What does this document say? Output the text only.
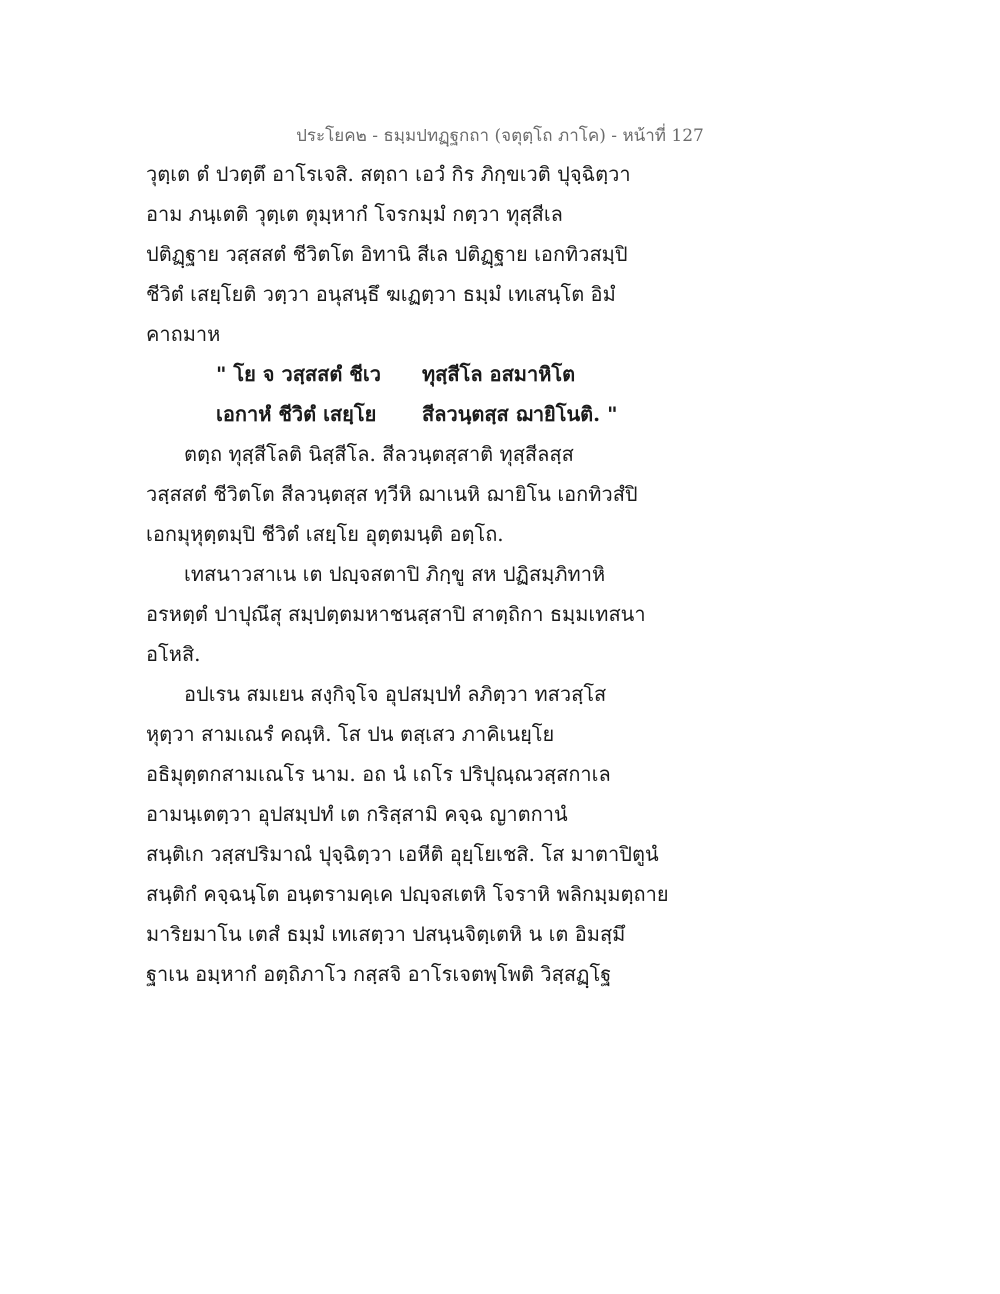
ประโยค๒ - ธมฺมปทฏฺฐกถา (จตุตฺโถ ภาโค) - หน้าที่ 127
วุตฺเต ตํ ปวตฺตึ อาโรเจสิ. สตฺถา เอวํ กิร ภิกฺขเวติ ปุจฺฉิตฺวา
อาม ภนฺเตติ วุตฺเต ตุมฺหากํ โจรกมฺมํ กตฺวา ทุสฺสีเล
ปติฏฺฐาย วสฺสสตํ ชีวิตโต อิทานิ สีเล ปติฏฺฐาย เอกทิวสมฺปิ
ชีวิตํ เสยฺโยติ วตฺวา อนุสนฺธึ ฆเฏตฺวา ธมฺมํ เทเสนฺโต อิมํ
คาถมาห
" โย จ วสฺสสตํ ชีเว ทุสฺสีโล อสมาหิโต
เอกาหํ ชีวิตํ เสยฺโย สีลวนฺตสฺส ฌายิโนติ. "
ตตฺถ ทุสฺสีโลติ นิสฺสีโล. สีลวนฺตสฺสาติ ทุสฺสีลสฺส
วสฺสสตํ ชีวิตโต สีลวนฺตสฺส ทฺวีหิ ฌาเนหิ ฌายิโน เอกทิวสํปิ
เอกมุหุตฺตมฺปิ ชีวิตํ เสยฺโย อุตฺตมนฺติ อตฺโถ.
เทสนาวสาเน เต ปญฺจสตาปิ ภิกฺขู สห ปฏิสมฺภิทาหิ
อรหตฺตํ ปาปุณึสุ สมฺปตฺตมหาชนสฺสาปิ สาตฺถิกา ธมฺมเทสนา
อโหสิ.
อปเรน สมเยน สงฺกิจฺโจ อุปสมฺปทํ ลภิตฺวา ทสวสฺโส
หุตฺวา สามเณรํ คณฺหิ. โส ปน ตสฺเสว ภาคิเนยฺโย
อธิมุตฺตกสามเณโร นาม. อถ นํ เถโร ปริปุณฺณวสฺสกาเล
อามนฺเตตฺวา อุปสมฺปทํ เต กริสฺสามิ คจฺฉ ญาตกานํ
สนฺติเก วสฺสปริมาณํ ปุจฺฉิตฺวา เอหีติ อุยฺโยเชสิ. โส มาตาปิตูนํ
สนฺติกํ คจฺฉนฺโต อนฺตรามคฺเค ปญฺจสเตหิ โจราหิ พลิกมฺมตฺถาย
มาริยมาโน เตสํ ธมฺมํ เทเสตฺวา ปสนฺนจิตฺเตหิ น เต อิมสฺมึ
ฐาเน อมฺหากํ อตฺถิภาโว กสฺสจิ อาโรเจตพฺโพติ วิสฺสฏฺโฐ
